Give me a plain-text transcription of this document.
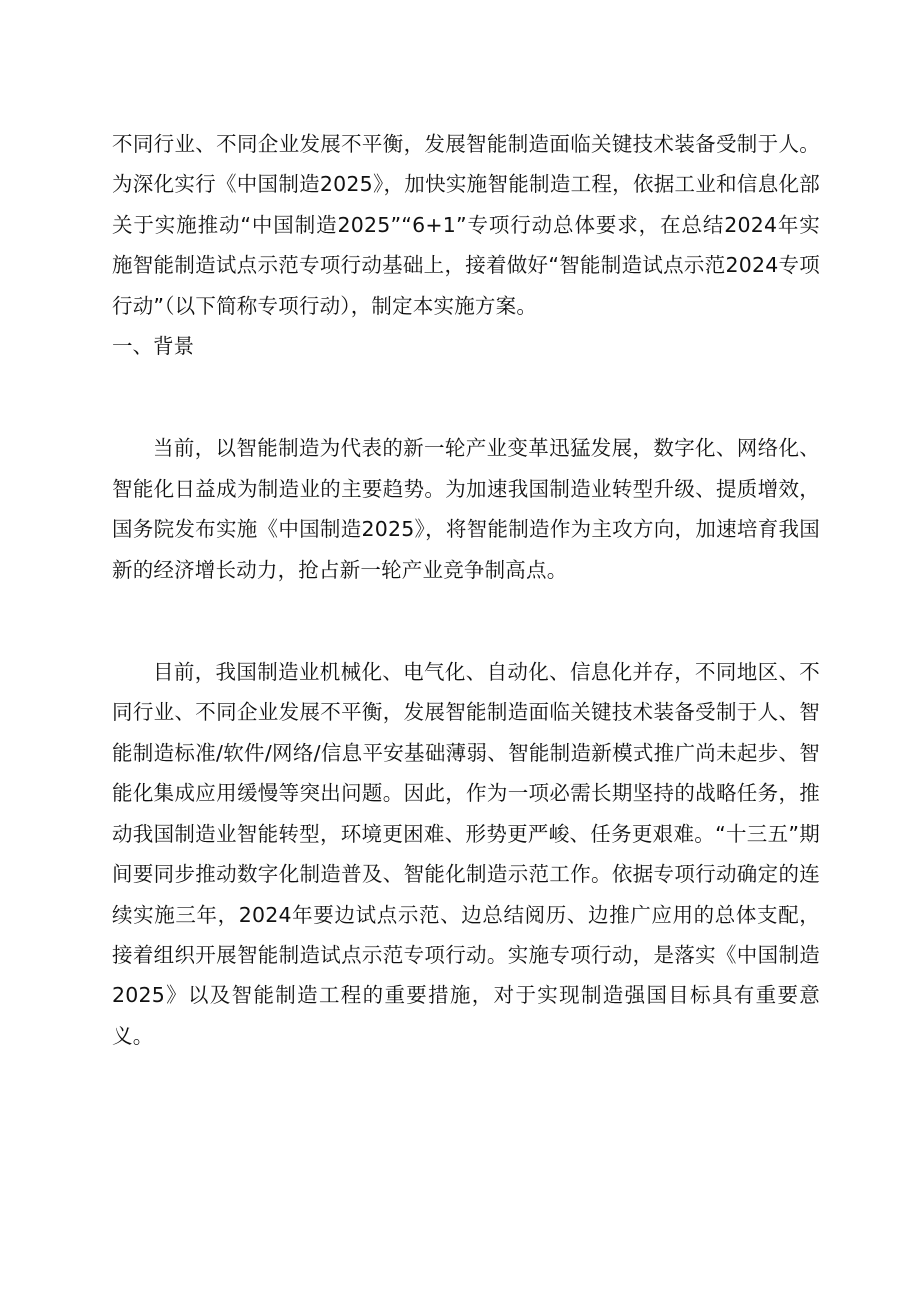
不同行业、不同企业发展不平衡，发展智能制造面临关键技术装备受制于人。为深化实行《中国制造2025》，加快实施智能制造工程，依据工业和信息化部关于实施推动“中国制造2025”“6+1”专项行动总体要求，在总结2024年实施智能制造试点示范专项行动基础上，接着做好“智能制造试点示范2024专项行动”（以下简称专项行动），制定本实施方案。

一、背景

当前，以智能制造为代表的新一轮产业变革迅猛发展，数字化、网络化、智能化日益成为制造业的主要趋势。为加速我国制造业转型升级、提质增效，国务院发布实施《中国制造2025》，将智能制造作为主攻方向，加速培育我国新的经济增长动力，抢占新一轮产业竞争制高点。

目前，我国制造业机械化、电气化、自动化、信息化并存，不同地区、不同行业、不同企业发展不平衡，发展智能制造面临关键技术装备受制于人、智能制造标准/软件/网络/信息平安基础薄弱、智能制造新模式推广尚未起步、智能化集成应用缓慢等突出问题。因此，作为一项必需长期坚持的战略任务，推动我国制造业智能转型，环境更困难、形势更严峻、任务更艰难。“十三五”期间要同步推动数字化制造普及、智能化制造示范工作。依据专项行动确定的连续实施三年，2024年要边试点示范、边总结阅历、边推广应用的总体支配，接着组织开展智能制造试点示范专项行动。实施专项行动，是落实《中国制造2025》以及智能制造工程的重要措施，对于实现制造强国目标具有重要意义。
